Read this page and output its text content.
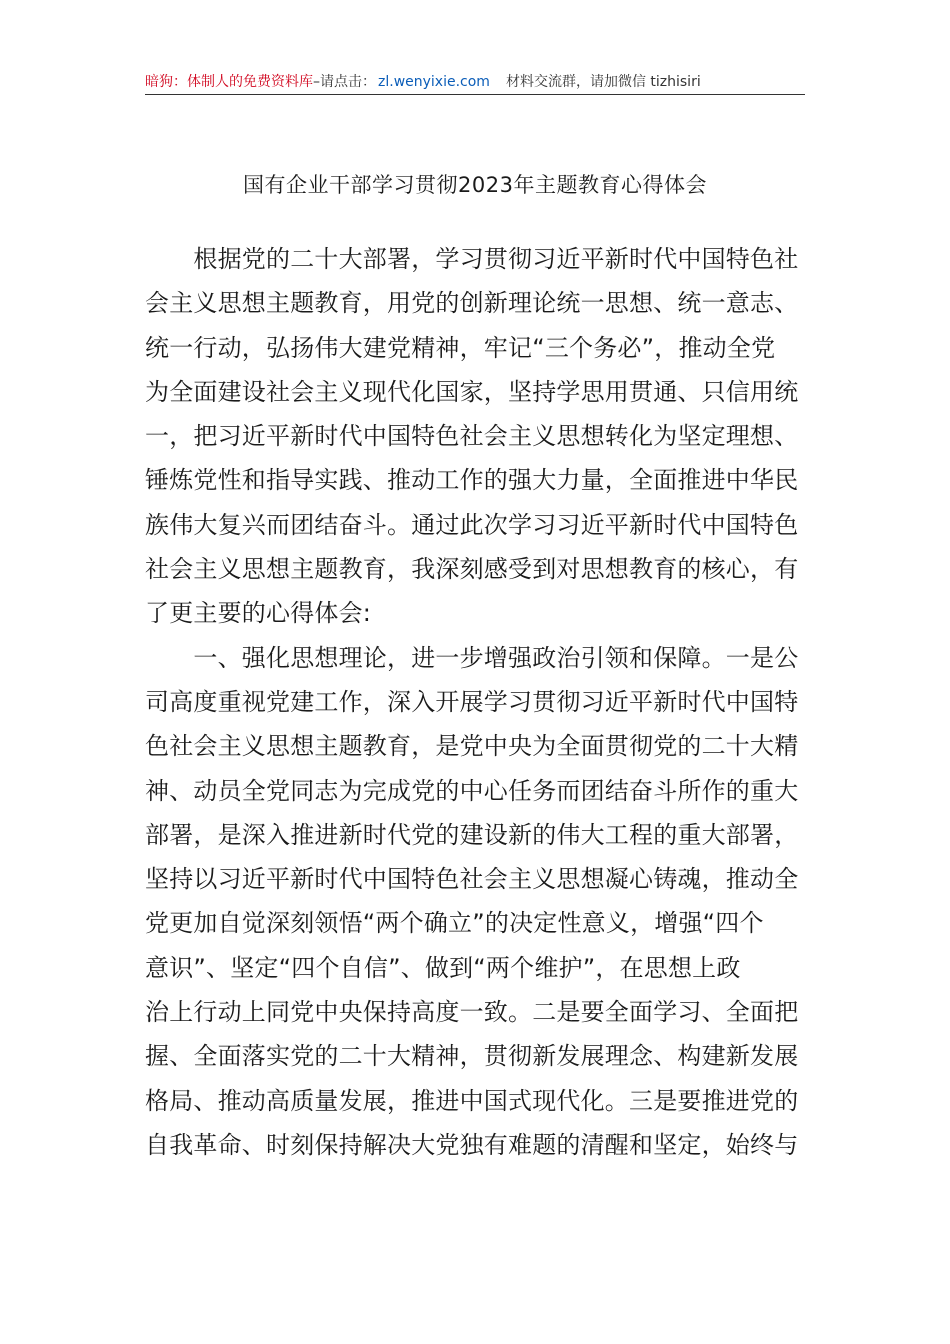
暗狗：体制人的免费资料库 –请点击： zl.wenyixie.com 材料交流群，请加微信 tizhisiri
国有企业干部学习贯彻2023年主题教育心得体会
　　根据党的二十大部署，学习贯彻习近平新时代中国特色社
会主义思想主题教育，用党的创新理论统一思想、统一意志、
统一行动，弘扬伟大建党精神，牢记“三个务必”，推动全党
为全面建设社会主义现代化国家，坚持学思用贯通、只信用统
一，把习近平新时代中国特色社会主义思想转化为坚定理想、
锤炼党性和指导实践、推动工作的强大力量，全面推进中华民
族伟大复兴而团结奋斗。通过此次学习习近平新时代中国特色
社会主义思想主题教育，我深刻感受到对思想教育的核心，有
了更主要的心得体会:
　　一、强化思想理论，进一步增强政治引领和保障。一是公
司高度重视党建工作，深入开展学习贯彻习近平新时代中国特
色社会主义思想主题教育，是党中央为全面贯彻党的二十大精
神、动员全党同志为完成党的中心任务而团结奋斗所作的重大
部署，是深入推进新时代党的建设新的伟大工程的重大部署，
坚持以习近平新时代中国特色社会主义思想凝心铸魂，推动全
党更加自觉深刻领悟“两个确立”的决定性意义，增强“四个
意识”、坚定“四个自信”、做到“两个维护”，在思想上政
治上行动上同党中央保持高度一致。二是要全面学习、全面把
握、全面落实党的二十大精神，贯彻新发展理念、构建新发展
格局、推动高质量发展，推进中国式现代化。三是要推进党的
自我革命、时刻保持解决大党独有难题的清醒和坚定，始终与
